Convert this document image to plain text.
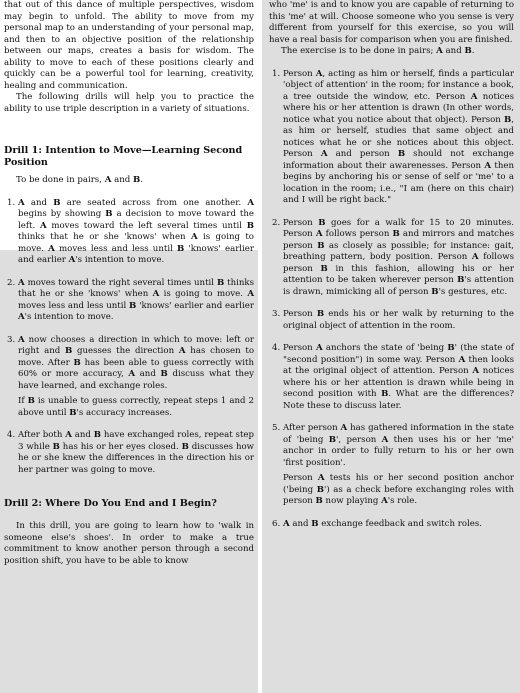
that out of this dance of multiple perspectives, wisdom may begin to unfold. The ability to move from my personal map to an understanding of your personal map, and then to an objective position of the relationship between our maps, creates a basis for wisdom. The ability to move to each of these positions clearly and quickly can be a powerful tool for learning, creativity, healing and communication.

The following drills will help you to practice the ability to use triple description in a variety of situations.

Drill 1: Intention to Move—Learning Second Position

To be done in pairs, A and B.

1. A and B are seated across from one another. A begins by showing B a decision to move toward the left. A moves toward the left several times until B thinks that he or she 'knows' when A is going to move. A moves less and less until B 'knows' earlier and earlier A's intention to move.
2. A moves toward the right several times until B thinks that he or she 'knows' when A is going to move. A moves less and less until B 'knows' earlier and earlier A's intention to move.
3. A now chooses a direction in which to move: left or right and B guesses the direction A has chosen to move. After B has been able to guess correctly with 60% or more accuracy, A and B discuss what they have learned, and exchange roles.

If B is unable to guess correctly, repeat steps 1 and 2 above until B's accuracy increases.

4. After both A and B have exchanged roles, repeat step 3 while B has his or her eyes closed. B discusses how he or she knew the differences in the direction his or her partner was going to move.
Drill 2: Where Do You End and I Begin?

In this drill, you are going to learn how to 'walk in someone else's shoes'. In order to make a true commitment to know another person through a second position shift, you have to be able to know

who 'me' is and to know you are capable of returning to this 'me' at will. Choose someone who you sense is very different from yourself for this exercise, so you will have a real basis for comparison when you are finished.

The exercise is to be done in pairs; A and B.

1. Person A, acting as him or herself, finds a particular 'object of attention' in the room; for instance a book, a tree outside the window, etc. Person A notices where his or her attention is drawn (In other words, notice what you notice about that object). Person B, as him or herself, studies that same object and notices what he or she notices about this object. Person A and person B should not exchange information about their awarenesses. Person A then begins by anchoring his or sense of self or 'me' to a location in the room; i.e., "I am (here on this chair) and I will be right back."
2. Person B goes for a walk for 15 to 20 minutes. Person A follows person B and mirrors and matches person B as closely as possible; for instance: gait, breathing pattern, body position. Person A follows person B in this fashion, allowing his or her attention to be taken wherever person B's attention is drawn, mimicking all of person B's gestures, etc.
3. Person B ends his or her walk by returning to the original object of attention in the room.
4. Person A anchors the state of 'being B' (the state of "second position") in some way. Person A then looks at the original object of attention. Person A notices where his or her attention is drawn while being in second position with B. What are the differences? Note these to discuss later.
5. After person A has gathered information in the state of 'being B', person A then uses his or her 'me' anchor in order to fully return to his or her own 'first position'.

Person A tests his or her second position anchor ('being B') as a check before exchanging roles with person B now playing A's role.

6. A and B exchange feedback and switch roles.
